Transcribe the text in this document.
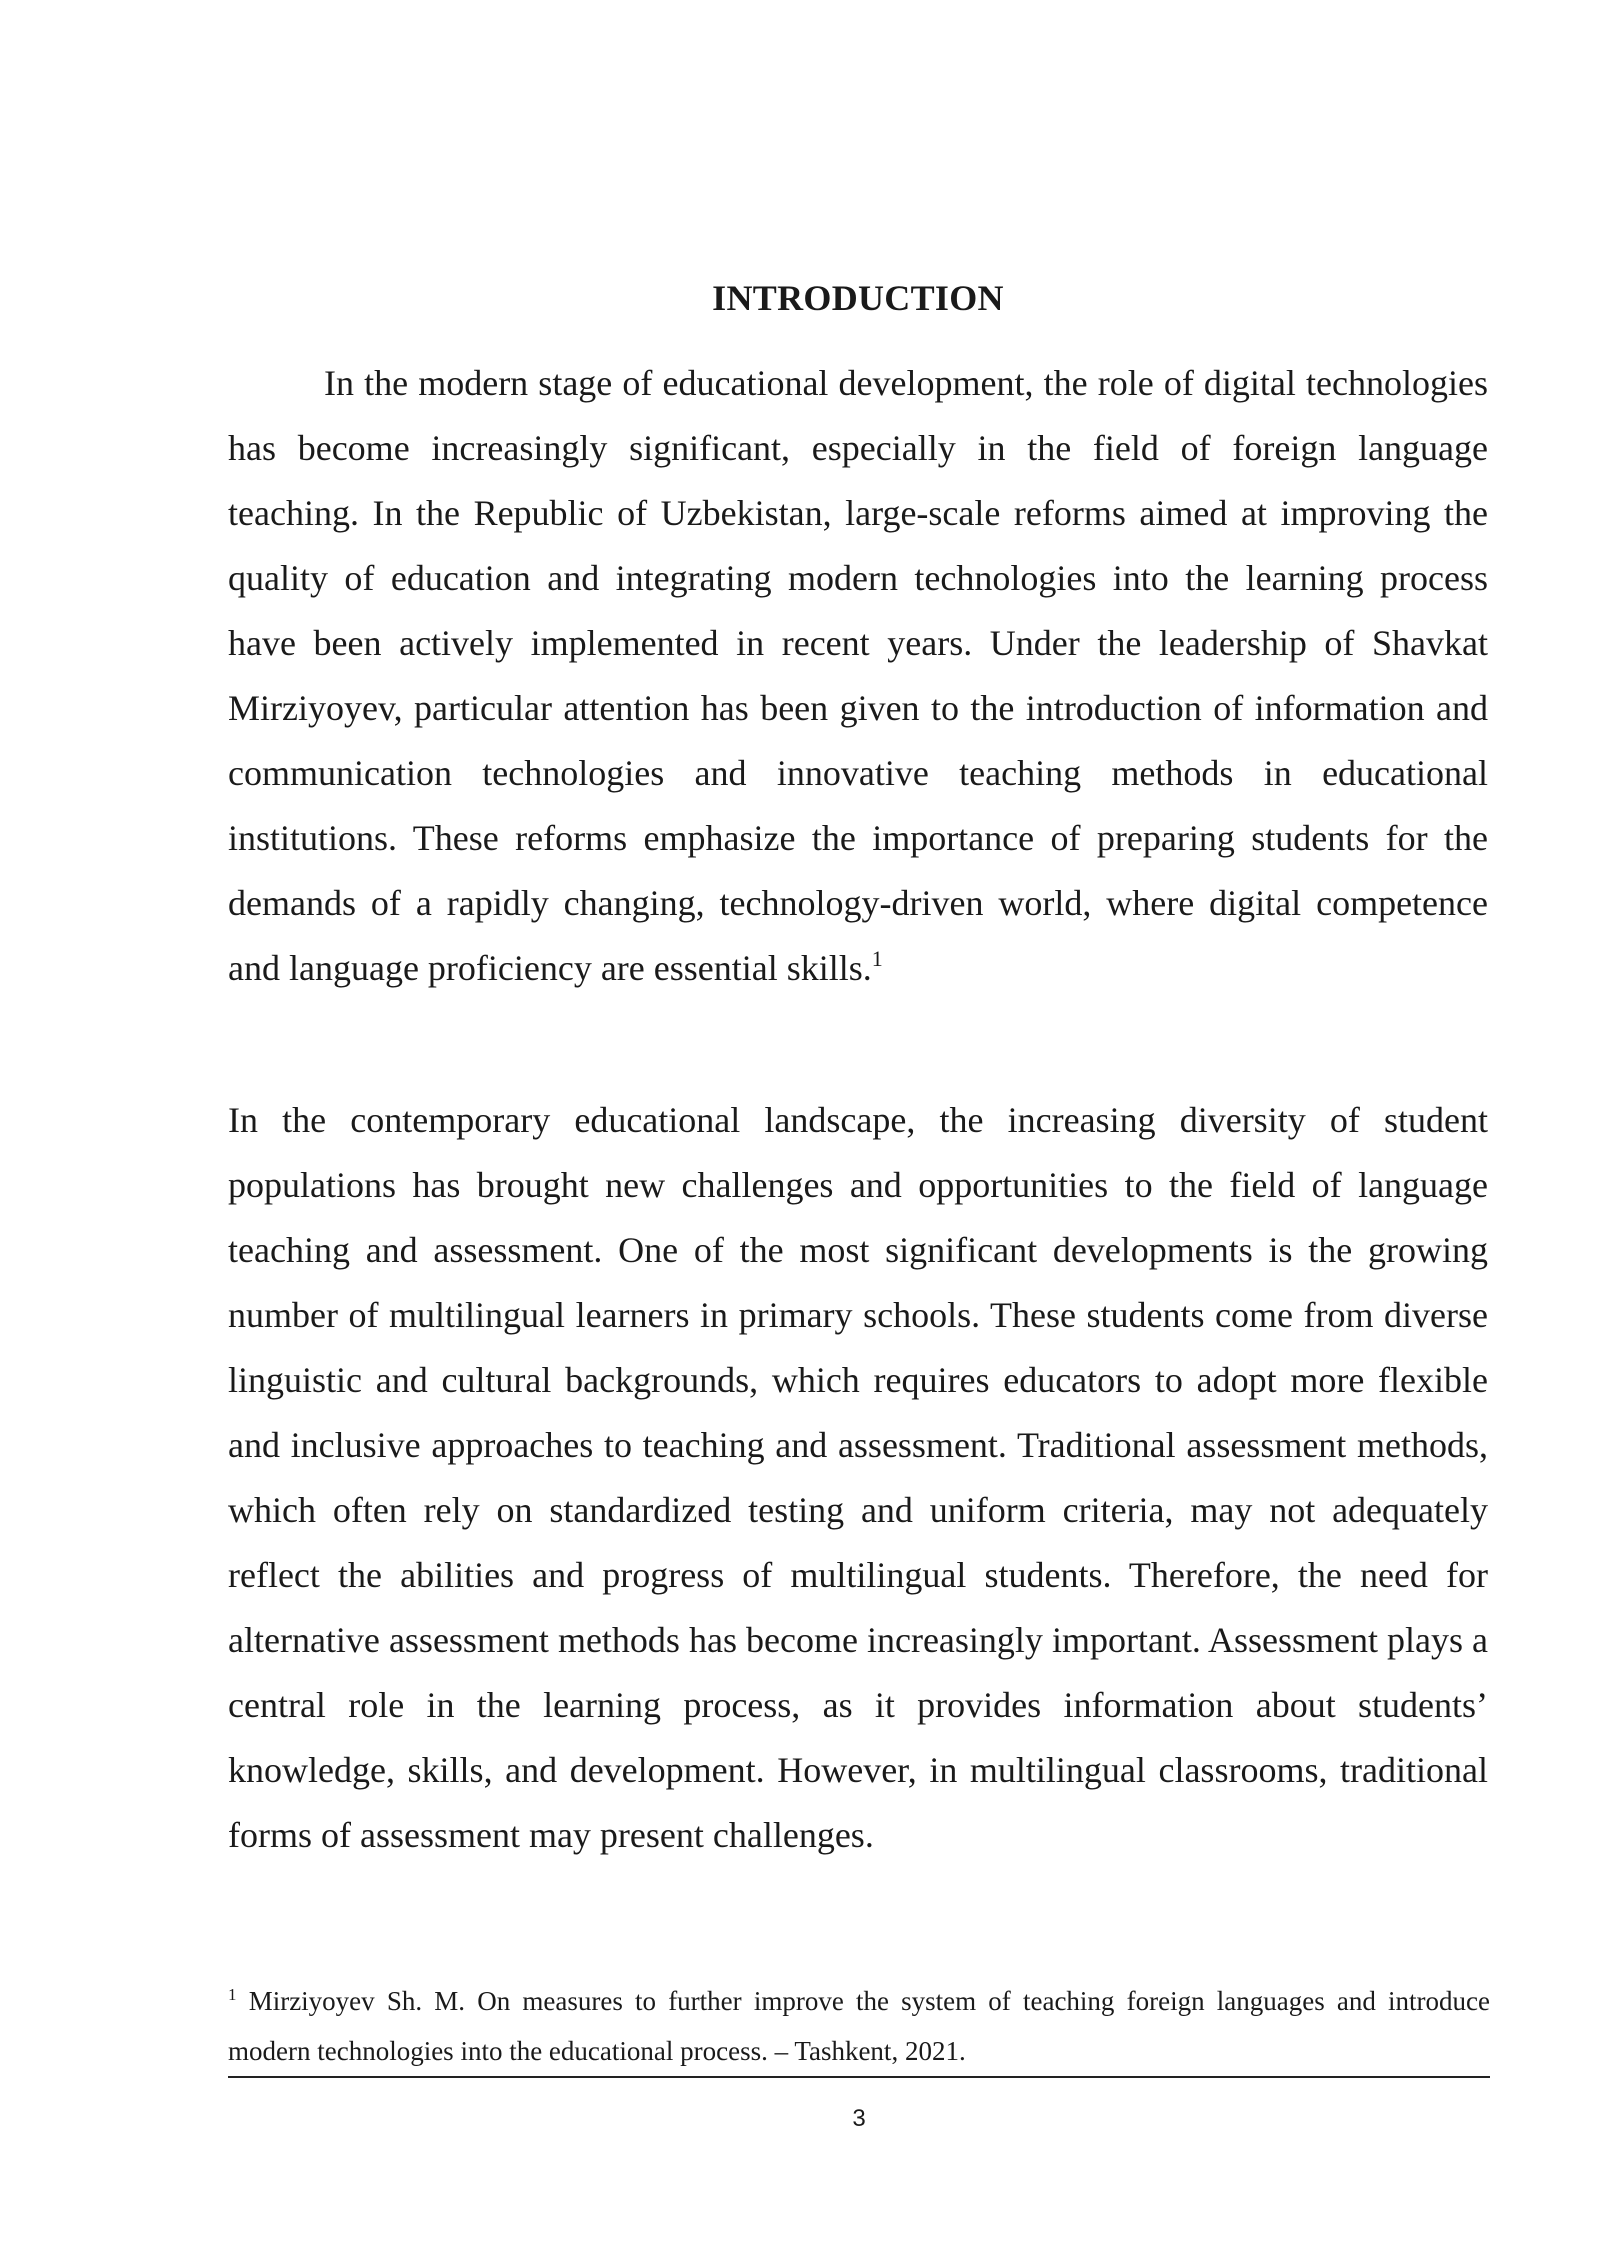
INTRODUCTION

In the modern stage of educational development, the role of digital technologies has become increasingly significant, especially in the field of foreign language teaching. In the Republic of Uzbekistan, large-scale reforms aimed at improving the quality of education and integrating modern technologies into the learning process have been actively implemented in recent years. Under the leadership of Shavkat Mirziyoyev, particular attention has been given to the introduction of information and communication technologies and innovative teaching methods in educational institutions. These reforms emphasize the importance of preparing students for the demands of a rapidly changing, technology-driven world, where digital competence and language proficiency are essential skills.$^1$

In the contemporary educational landscape, the increasing diversity of student populations has brought new challenges and opportunities to the field of language teaching and assessment. One of the most significant developments is the growing number of multilingual learners in primary schools. These students come from diverse linguistic and cultural backgrounds, which requires educators to adopt more flexible and inclusive approaches to teaching and assessment. Traditional assessment methods, which often rely on standardized testing and uniform criteria, may not adequately reflect the abilities and progress of multilingual students. Therefore, the need for alternative assessment methods has become increasingly important. Assessment plays a central role in the learning process, as it provides information about students’ knowledge, skills, and development. However, in multilingual classrooms, traditional forms of assessment may present challenges.

$^1$ Mirziyoyev Sh. M. On measures to further improve the system of teaching foreign languages and introduce modern technologies into the educational process. – Tashkent, 2021.

3
